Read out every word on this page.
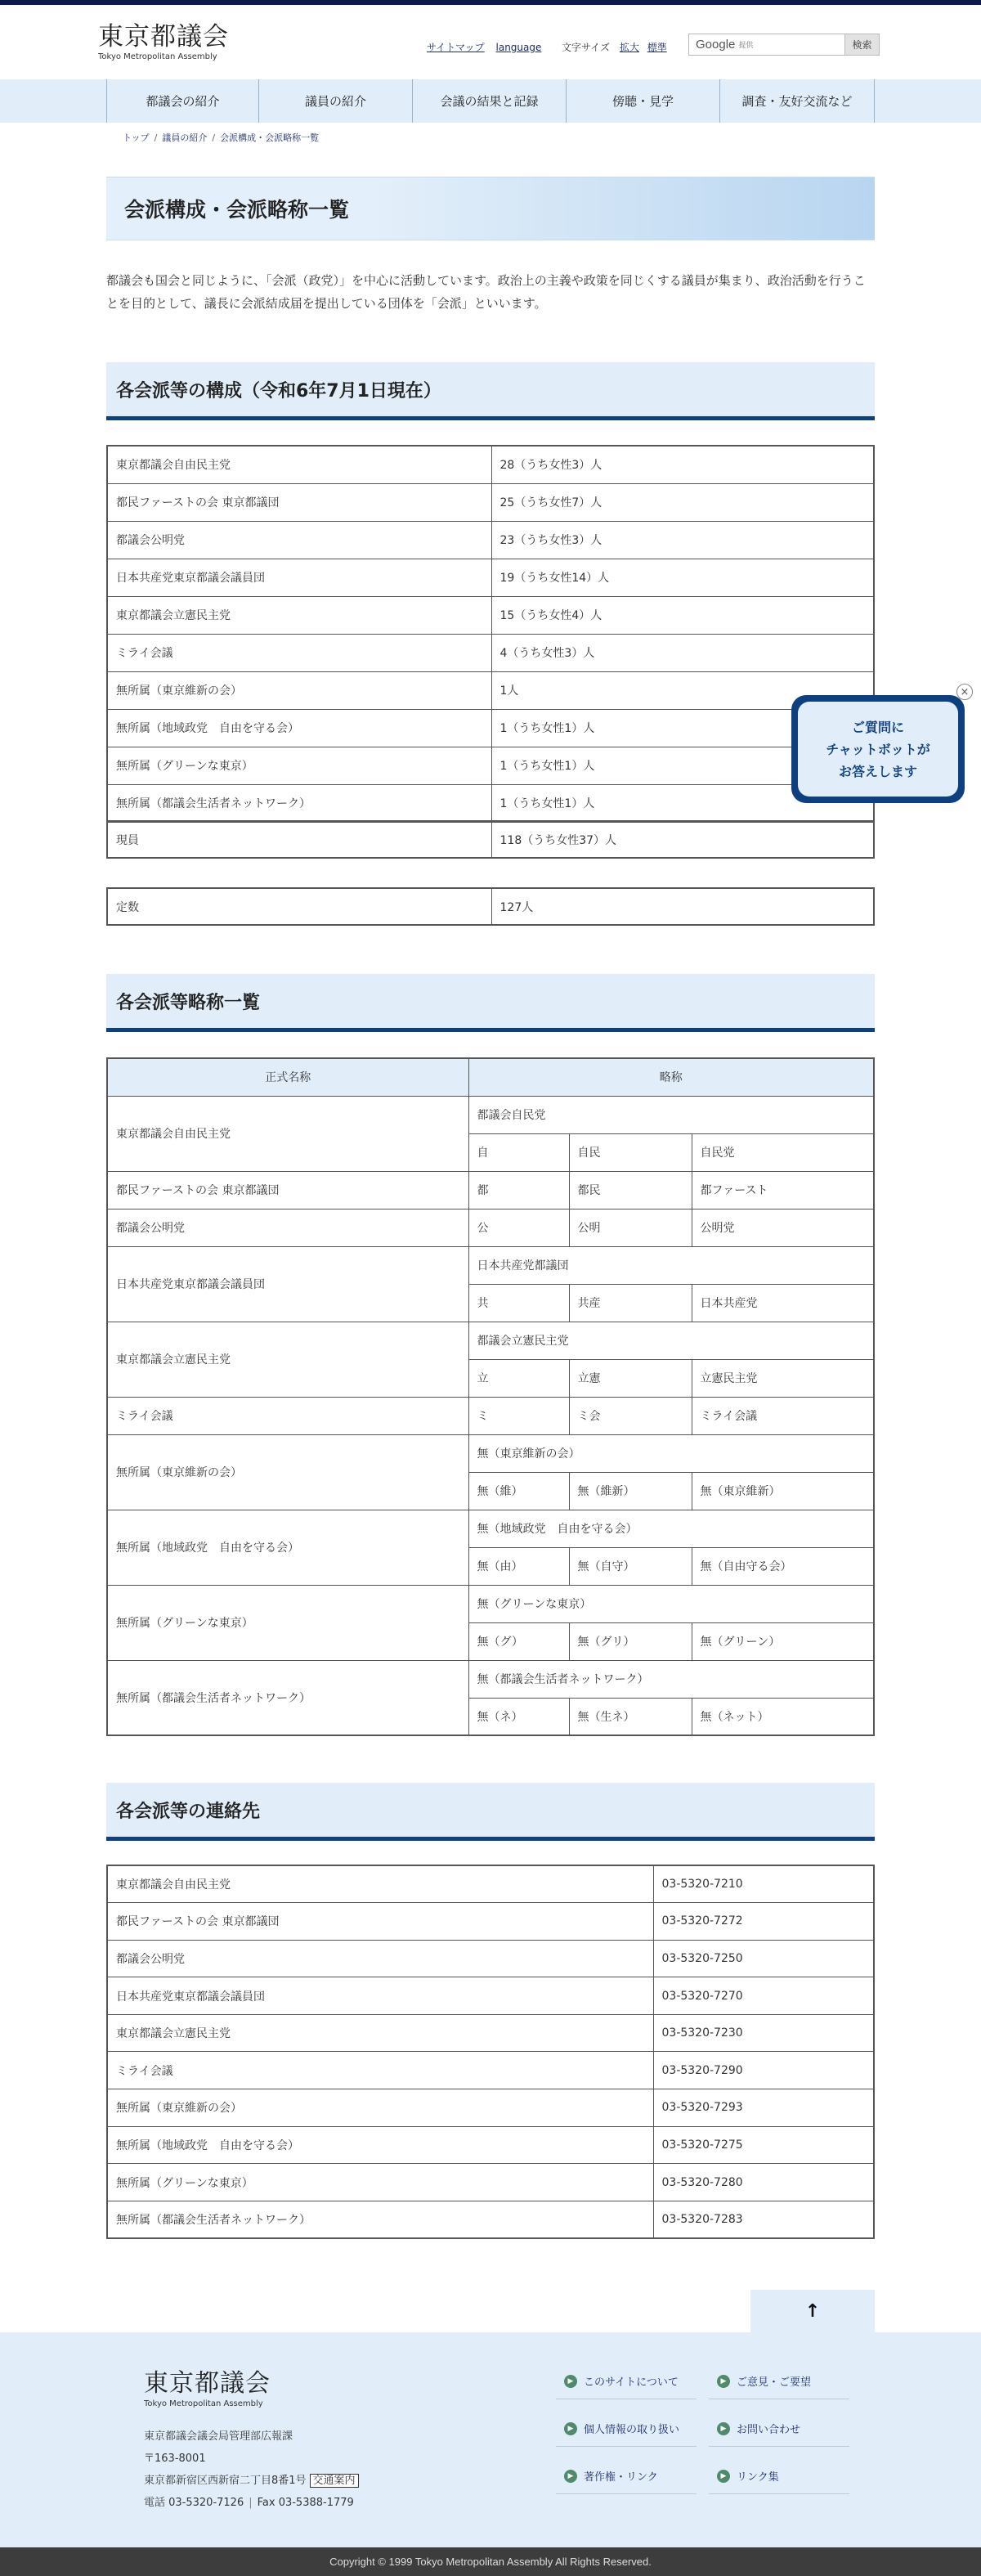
東京都議会
Tokyo Metropolitan Assembly
サイトマップ language	文字サイズ 拡大 標準	Google 提供	検索
都議会の紹介	議員の紹介	会議の結果と記録	傍聴・見学	調査・友好交流など
トップ / 議員の紹介 / 会派構成・会派略称一覧
会派構成・会派略称一覧

都議会も国会と同じように、「会派（政党）」を中心に活動しています。政治上の主義や政策を同じくする議員が集まり、政治活動を行うことを目的として、議長に会派結成届を提出している団体を「会派」といいます。

各会派等の構成（令和6年7月1日現在）
東京都議会自由民主党	28（うち女性3）人
都民ファーストの会 東京都議団	25（うち女性7）人
都議会公明党	23（うち女性3）人
日本共産党東京都議会議員団	19（うち女性14）人
東京都議会立憲民主党	15（うち女性4）人
ミライ会議	4（うち女性3）人
無所属（東京維新の会）	1人
無所属（地域政党　自由を守る会）	1（うち女性1）人
無所属（グリーンな東京）	1（うち女性1）人
無所属（都議会生活者ネットワーク）	1（うち女性1）人
現員	118（うち女性37）人
定数	127人
各会派等略称一覧
正式名称	略称		
東京都議会自由民主党	都議会自民党		
	自	自民	自民党
都民ファーストの会 東京都議団	都	都民	都ファースト
都議会公明党	公	公明	公明党
日本共産党東京都議会議員団	日本共産党都議団		
	共	共産	日本共産党
東京都議会立憲民主党	都議会立憲民主党		
	立	立憲	立憲民主党
ミライ会議	ミ	ミ会	ミライ会議
無所属（東京維新の会）	無（東京維新の会）		
	無（維）	無（維新）	無（東京維新）
無所属（地域政党　自由を守る会）	無（地域政党　自由を守る会）		
	無（由）	無（自守）	無（自由守る会）
無所属（グリーンな東京）	無（グリーンな東京）		
	無（グ）	無（グリ）	無（グリーン）
無所属（都議会生活者ネットワーク）	無（都議会生活者ネットワーク）		
	無（ネ）	無（生ネ）	無（ネット）
各会派等の連絡先
東京都議会自由民主党	03-5320-7210
都民ファーストの会 東京都議団	03-5320-7272
都議会公明党	03-5320-7250
日本共産党東京都議会議員団	03-5320-7270
東京都議会立憲民主党	03-5320-7230
ミライ会議	03-5320-7290
無所属（東京維新の会）	03-5320-7293
無所属（地域政党　自由を守る会）	03-5320-7275
無所属（グリーンな東京）	03-5320-7280
無所属（都議会生活者ネットワーク）	03-5320-7283
ご質問に
チャットボットが
お答えします
×
↑
東京都議会
Tokyo Metropolitan Assembly
東京都議会議会局管理部広報課
〒163-8001
東京都新宿区西新宿二丁目8番1号 交通案内
電話 03-5320-7126 | Fax 03-5388-1779
▶ このサイトについて	▶ ご意見・ご要望
▶ 個人情報の取り扱い	▶ お問い合わせ
▶ 著作権・リンク	▶ リンク集
Copyright © 1999 Tokyo Metropolitan Assembly All Rights Reserved.
